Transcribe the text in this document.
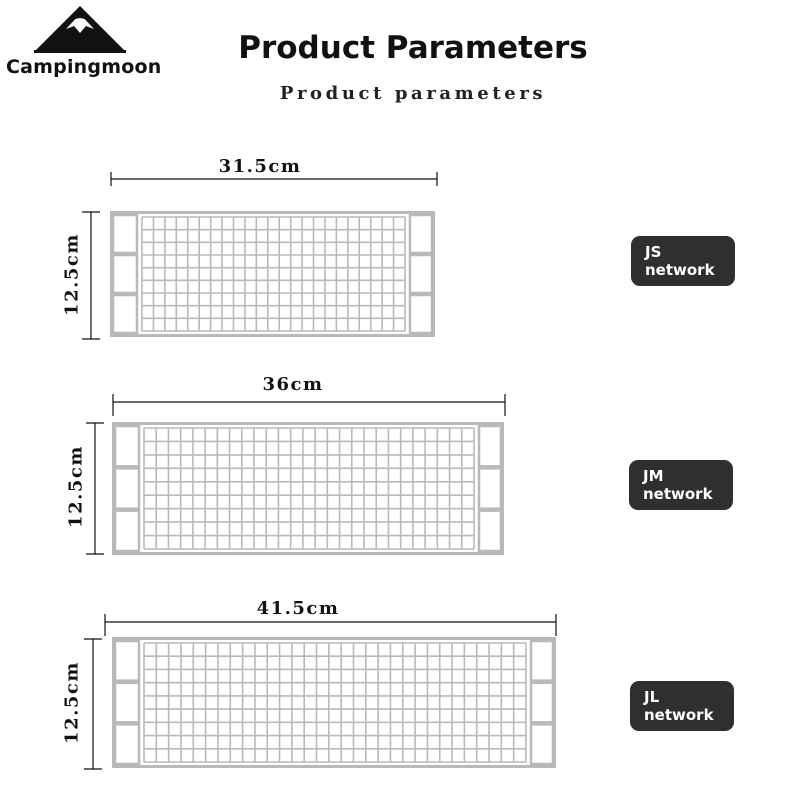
Campingmoon
Product Parameters
Product parameters
31.5cm
12.5cm	JS
network
36cm
12.5cm	JM
network
41.5cm
12.5cm	JL
network
